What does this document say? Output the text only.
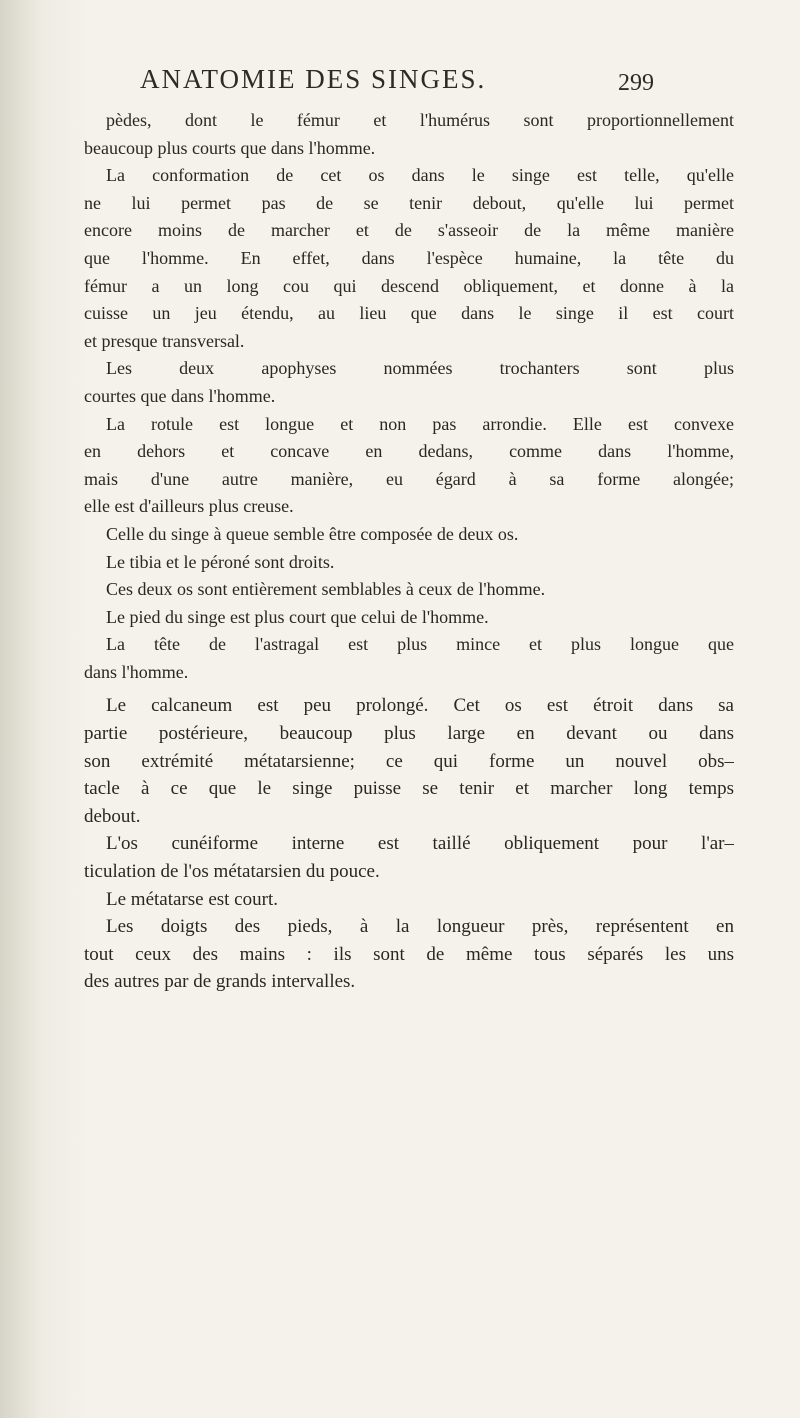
ANATOMIE DES SINGES.	299
pèdes, dont le fémur et l'humérus sont proportionnellement
beaucoup plus courts que dans l'homme.
La conformation de cet os dans le singe est telle, qu'elle
ne lui permet pas de se tenir debout, qu'elle lui permet
encore moins de marcher et de s'asseoir de la même manière
que l'homme. En effet, dans l'espèce humaine, la tête du
fémur a un long cou qui descend obliquement, et donne à la
cuisse un jeu étendu, au lieu que dans le singe il est court
et presque transversal.
Les deux apophyses nommées trochanters sont plus
courtes que dans l'homme.
La rotule est longue et non pas arrondie. Elle est convexe
en dehors et concave en dedans, comme dans l'homme,
mais d'une autre manière, eu égard à sa forme alongée;
elle est d'ailleurs plus creuse.
Celle du singe à queue semble être composée de deux os.
Le tibia et le péroné sont droits.
Ces deux os sont entièrement semblables à ceux de l'homme.
Le pied du singe est plus court que celui de l'homme.
La tête de l'astragal est plus mince et plus longue que
dans l'homme.
Le calcaneum est peu prolongé. Cet os est étroit dans sa
partie postérieure, beaucoup plus large en devant ou dans
son extrémité métatarsienne; ce qui forme un nouvel obs–
tacle à ce que le singe puisse se tenir et marcher long temps
debout.
L'os cunéiforme interne est taillé obliquement pour l'ar–
ticulation de l'os métatarsien du pouce.
Le métatarse est court.
Les doigts des pieds, à la longueur près, représentent en
tout ceux des mains : ils sont de même tous séparés les uns
des autres par de grands intervalles.
